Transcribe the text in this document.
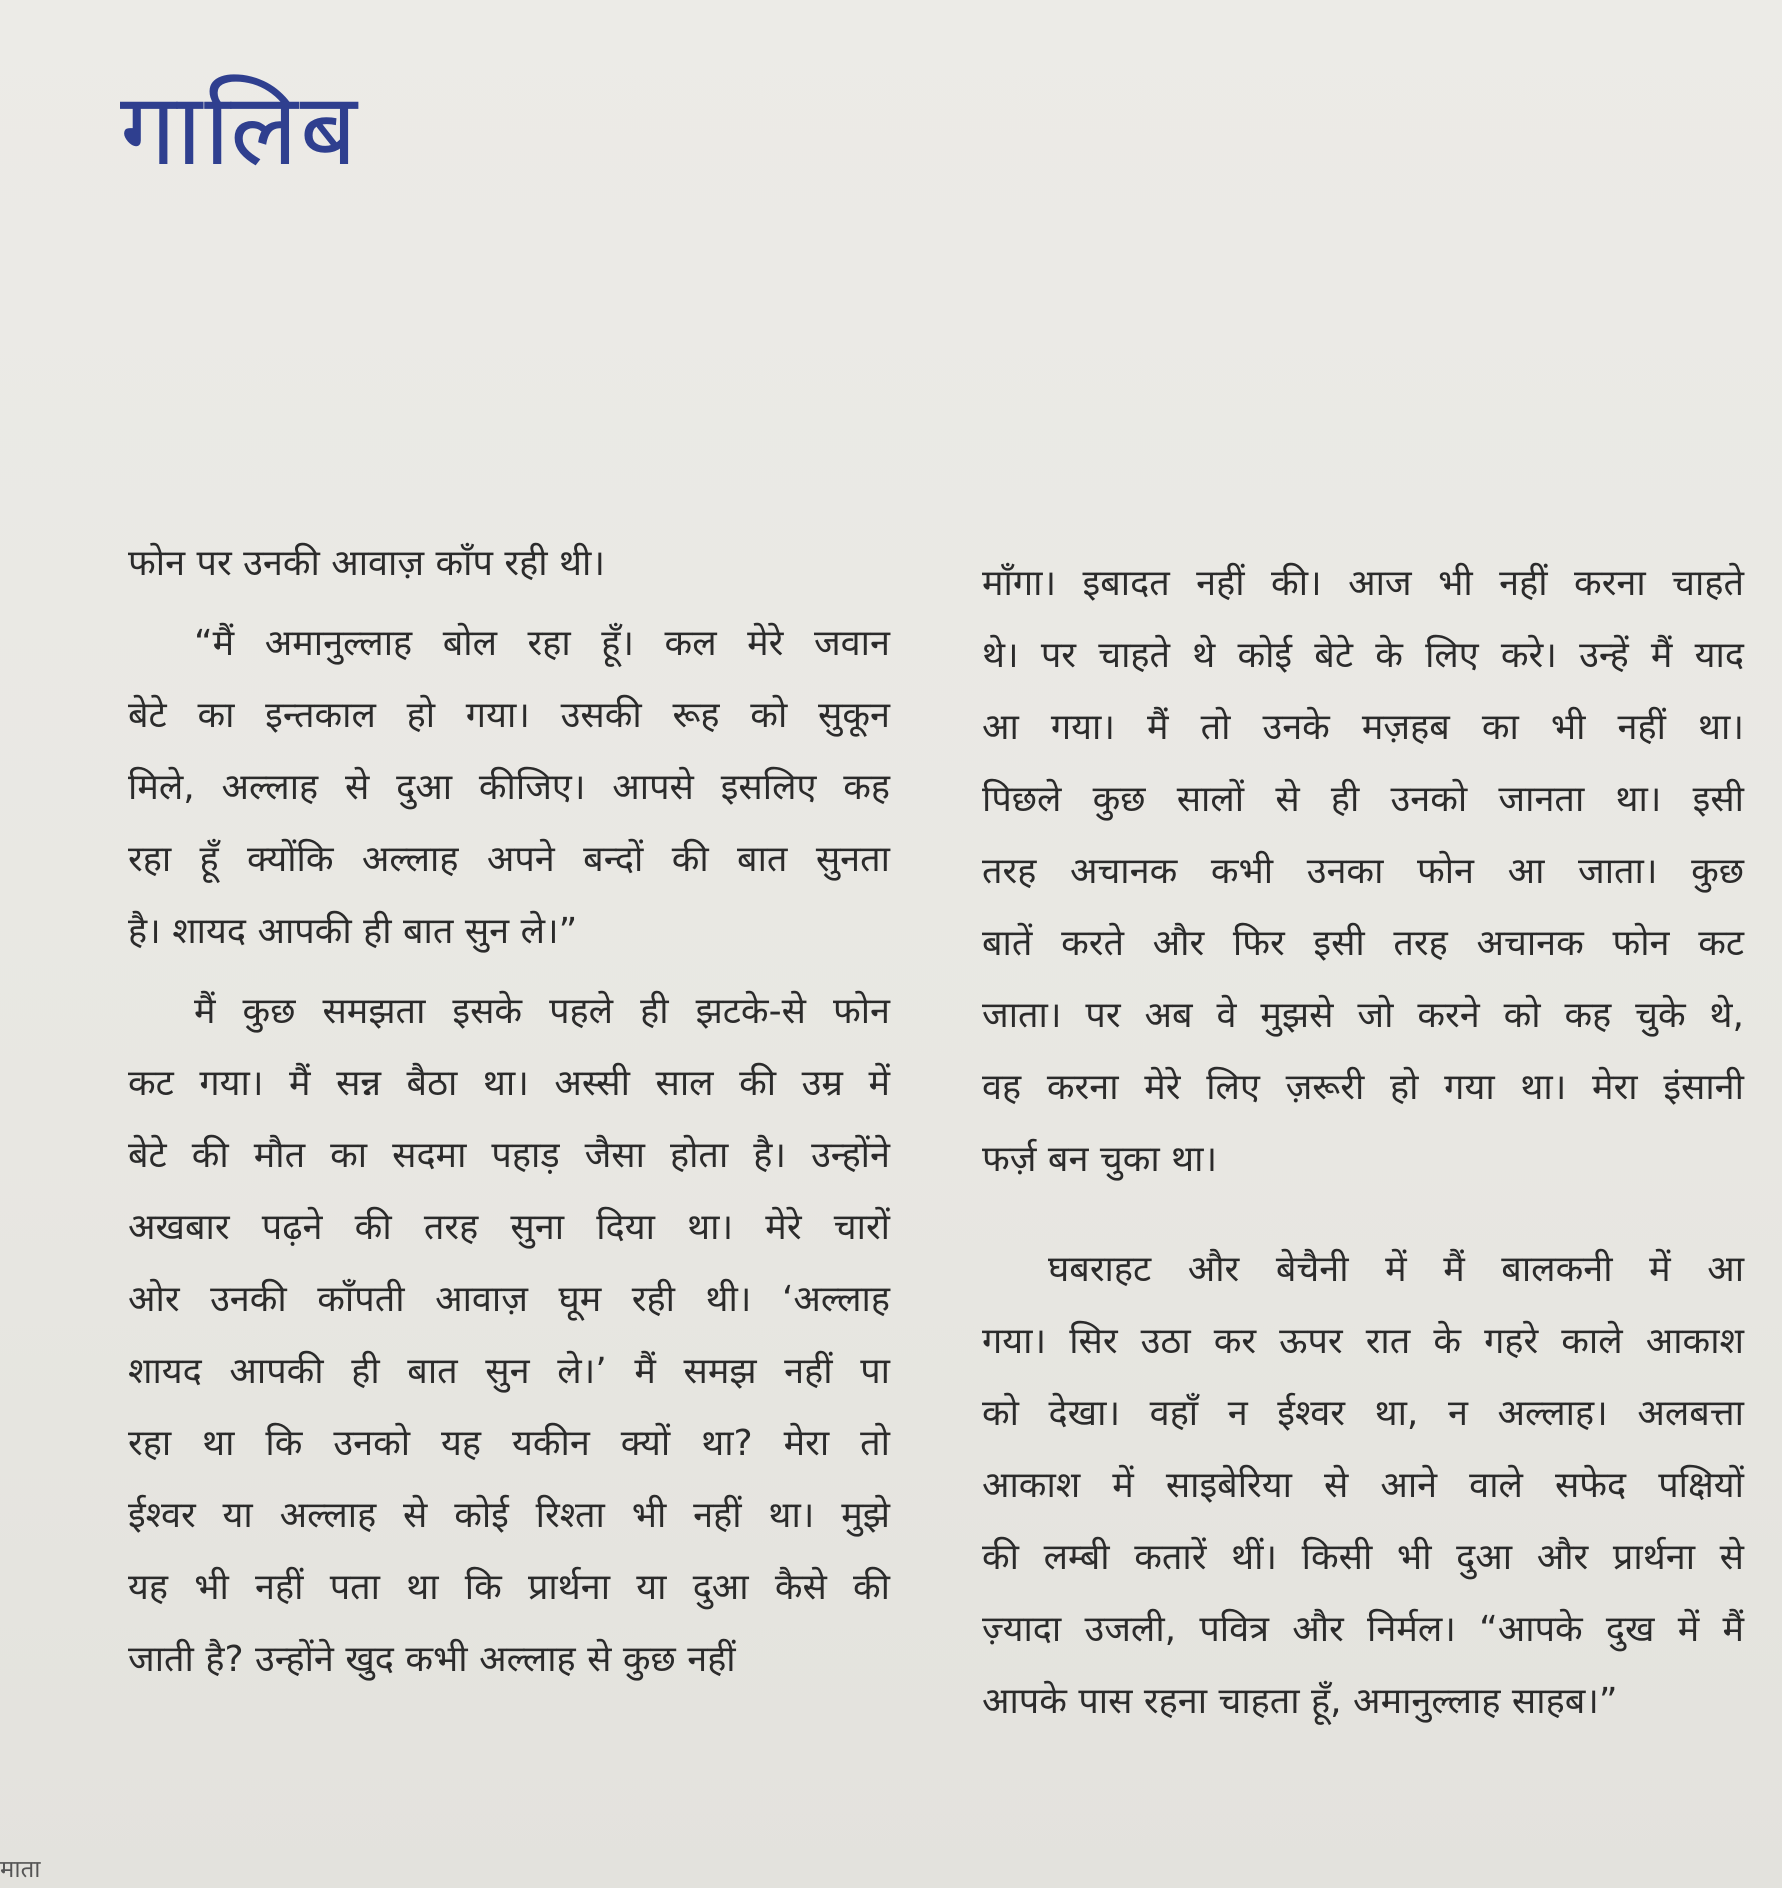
गालिब
फोन पर उनकी आवाज़ काँप रही थी।
“मैं अमानुल्लाह बोल रहा हूँ। कल मेरे जवान
बेटे का इन्तकाल हो गया। उसकी रूह को सुकून
मिले, अल्लाह से दुआ कीजिए। आपसे इसलिए कह
रहा हूँ क्योंकि अल्लाह अपने बन्दों की बात सुनता
है। शायद आपकी ही बात सुन ले।”
मैं कुछ समझता इसके पहले ही झटके-से फोन
कट गया। मैं सन्न बैठा था। अस्सी साल की उम्र में
बेटे की मौत का सदमा पहाड़ जैसा होता है। उन्होंने
अखबार पढ़ने की तरह सुना दिया था। मेरे चारों
ओर उनकी काँपती आवाज़ घूम रही थी। ‘अल्लाह
शायद आपकी ही बात सुन ले।’ मैं समझ नहीं पा
रहा था कि उनको यह यकीन क्यों था? मेरा तो
ईश्वर या अल्लाह से कोई रिश्ता भी नहीं था। मुझे
यह भी नहीं पता था कि प्रार्थना या दुआ कैसे की
जाती है? उन्होंने खुद कभी अल्लाह से कुछ नहीं
माँगा। इबादत नहीं की। आज भी नहीं करना चाहते
थे। पर चाहते थे कोई बेटे के लिए करे। उन्हें मैं याद
आ गया। मैं तो उनके मज़हब का भी नहीं था।
पिछले कुछ सालों से ही उनको जानता था। इसी
तरह अचानक कभी उनका फोन आ जाता। कुछ
बातें करते और फिर इसी तरह अचानक फोन कट
जाता। पर अब वे मुझसे जो करने को कह चुके थे,
वह करना मेरे लिए ज़रूरी हो गया था। मेरा इंसानी
फर्ज़ बन चुका था।
घबराहट और बेचैनी में मैं बालकनी में आ
गया। सिर उठा कर ऊपर रात के गहरे काले आकाश
को देखा। वहाँ न ईश्वर था, न अल्लाह। अलबत्ता
आकाश में साइबेरिया से आने वाले सफेद पक्षियों
की लम्बी कतारें थीं। किसी भी दुआ और प्रार्थना से
ज़्यादा उजली, पवित्र और निर्मल। “आपके दुख में मैं
आपके पास रहना चाहता हूँ, अमानुल्लाह साहब।”
माता
